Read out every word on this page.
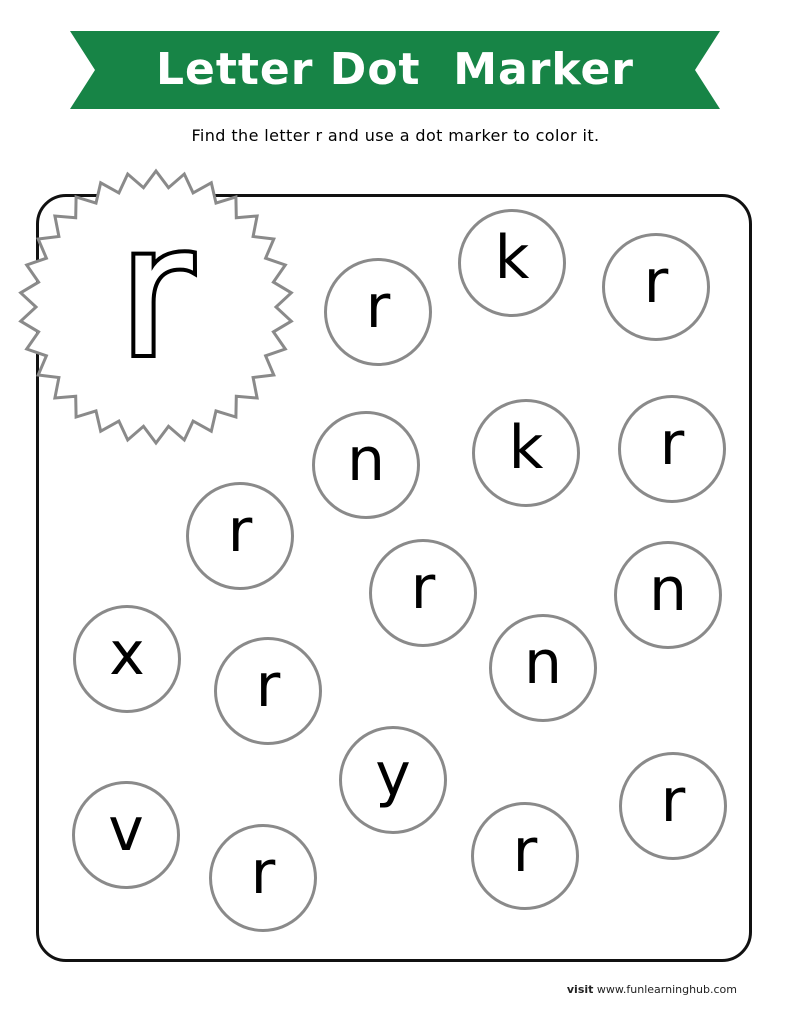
Letter Dot  Marker
Find the letter r and use a dot marker to color it.
r	r
k r
n k r
r
r	n
x r	n
y	r
v
r	r
visit www.funlearninghub.com
